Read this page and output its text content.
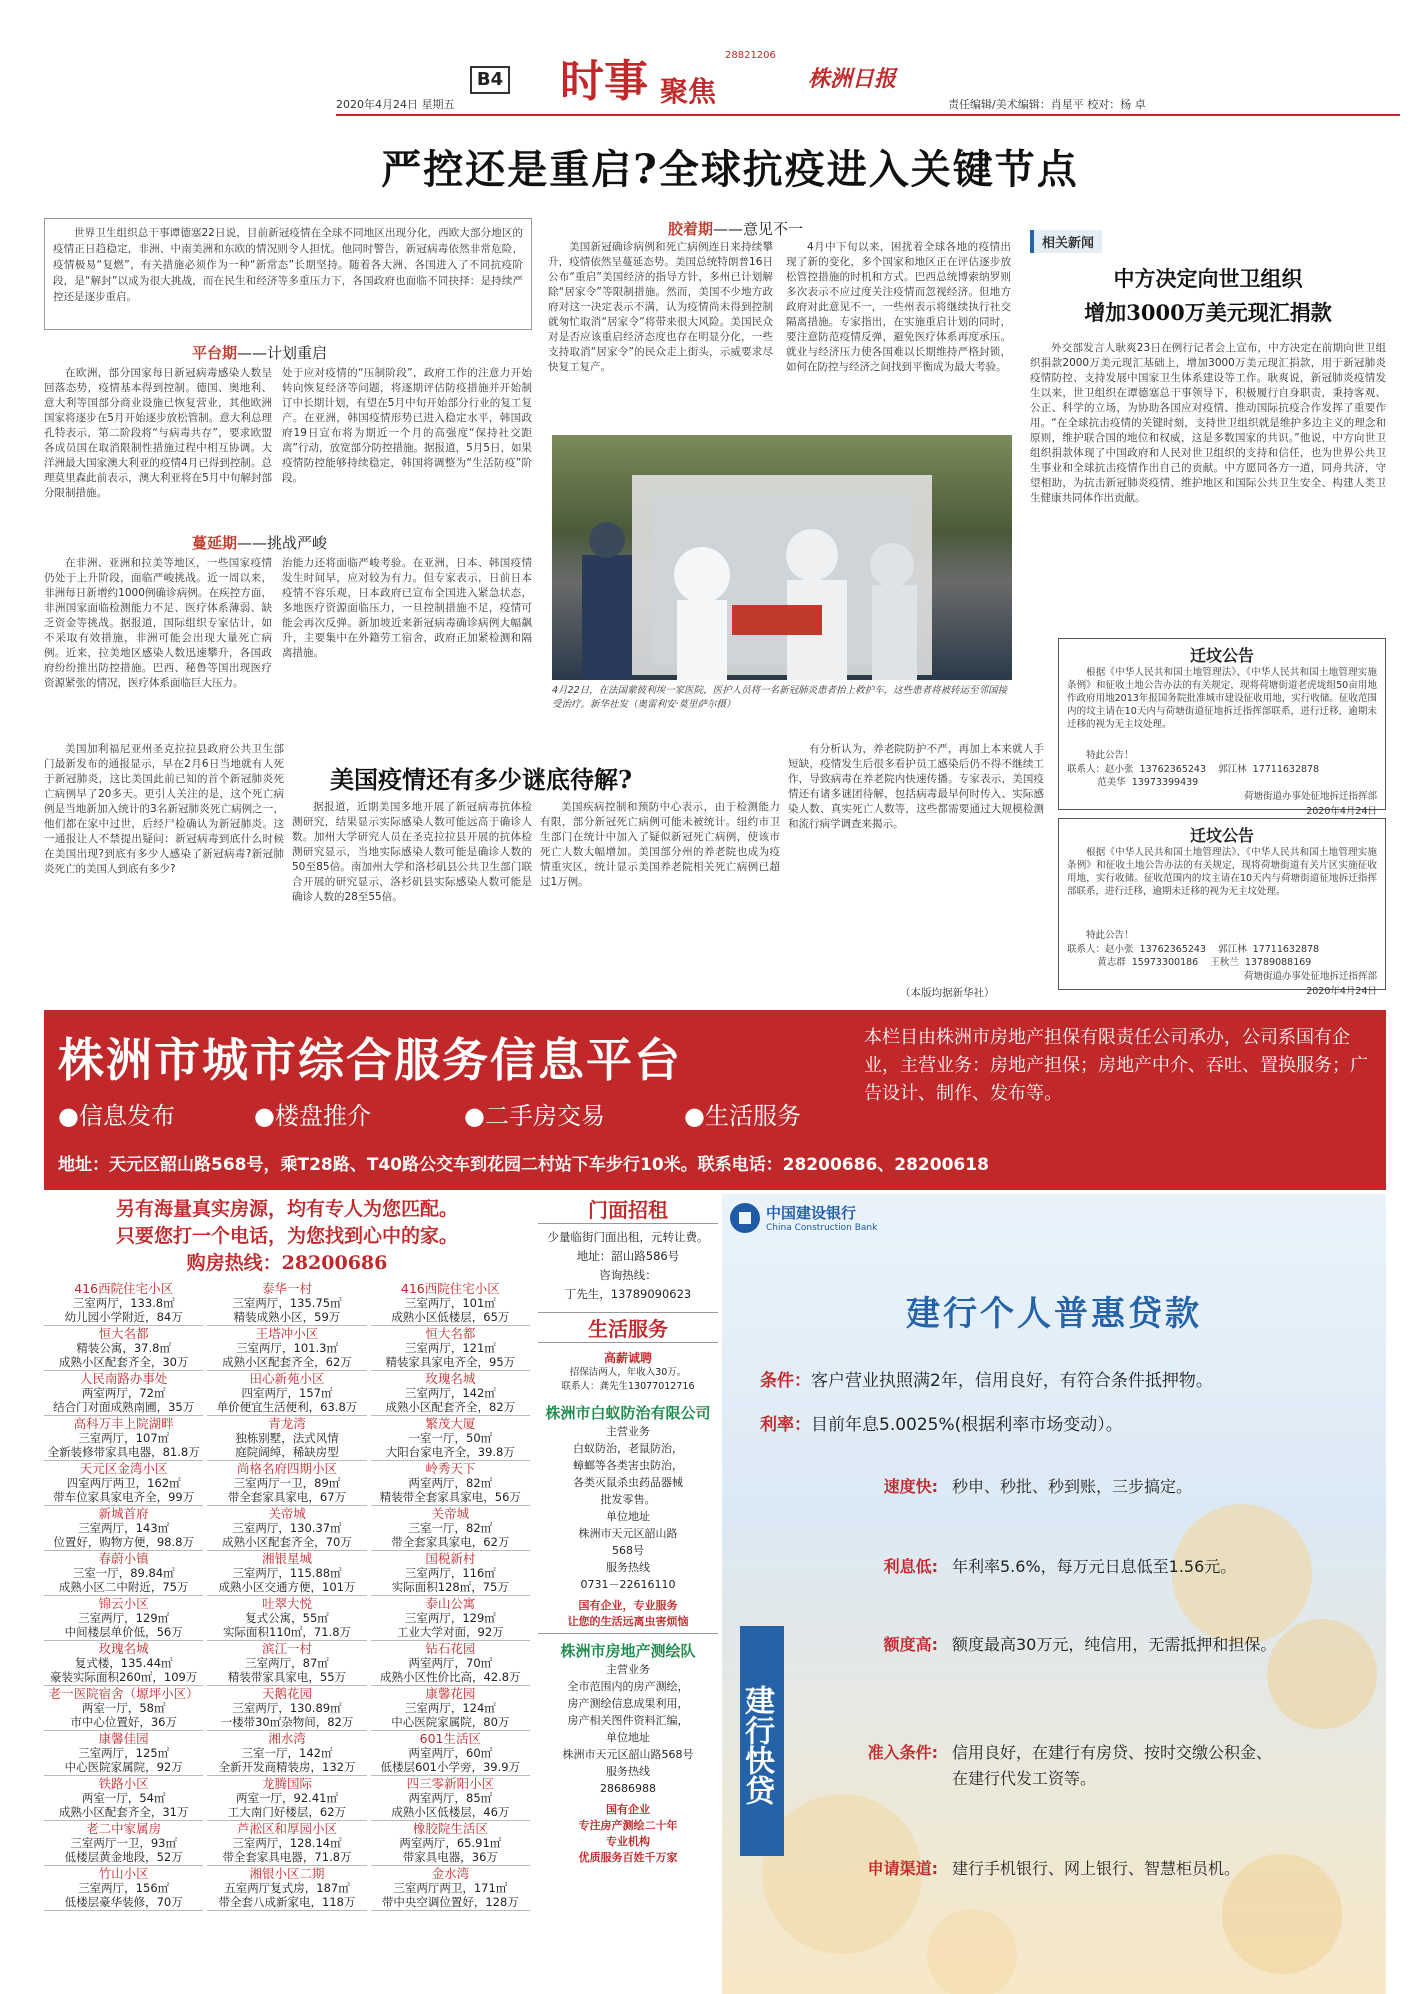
B4 时事 聚焦
28821206
株洲日报
2020年4月24日 星期五	责任编辑/美术编辑：肖星平 校对：杨 卓
严控还是重启?全球抗疫进入关键节点
世界卫生组织总干事谭德塞22日说，目前新冠疫情在全球不同地区出现分化，西欧大部分地区的疫情正日趋稳定，非洲、中南美洲和东欧的情况则令人担忧。他同时警告，新冠病毒依然非常危险，疫情极易“复燃”，有关措施必须作为一种“新常态”长期坚持。随着各大洲、各国进入了不同抗疫阶段，是“解封”以成为很大挑战，而在民生和经济等多重压力下，各国政府也面临不同抉择：是持续严控还是逐步重启。
平台期——计划重启
在欧洲，部分国家每日新冠病毒感染人数呈回落态势，疫情基本得到控制。德国、奥地利、意大利等国部分商业设施已恢复营业，其他欧洲国家将逐步在5月开始逐步放松管制。意大利总理孔特表示，第二阶段将“与病毒共存”，要求欧盟各成员国在取消限制性措施过程中相互协调。大洋洲最大国家澳大利亚的疫情4月已得到控制。总理莫里森此前表示，澳大利亚将在5月中旬解封部分限制措施。
处于应对疫情的“压制阶段”，政府工作的注意力开始转向恢复经济等问题，将逐期评估防疫措施并开始制订中长期计划，有望在5月中旬开始部分行业的复工复产。在亚洲，韩国疫情形势已进入稳定水平，韩国政府19日宣布将为期近一个月的高强度“保持社交距离”行动，放宽部分防控措施。据报道，5月5日，如果疫情防控能够持续稳定，韩国将调整为“生活防疫”阶段。
蔓延期——挑战严峻
在非洲、亚洲和拉美等地区，一些国家疫情仍处于上升阶段，面临严峻挑战。近一周以来，非洲每日新增约1000例确诊病例。在疾控方面，非洲国家面临检测能力不足、医疗体系薄弱、缺乏资金等挑战。据报道，国际组织专家估计，如不采取有效措施，非洲可能会出现大量死亡病例。近来，拉美地区感染人数迅速攀升，各国政府纷纷推出防控措施。巴西、秘鲁等国出现医疗资源紧张的情况，医疗体系面临巨大压力。
治能力还将面临严峻考验。在亚洲，日本、韩国疫情发生时间早，应对较为有力。但专家表示，日前日本疫情不容乐观，日本政府已宣布全国进入紧急状态，多地医疗资源面临压力，一旦控制措施不足，疫情可能会再次反弹。新加坡近来新冠病毒确诊病例大幅飙升，主要集中在外籍劳工宿舍，政府正加紧检测和隔离措施。
胶着期——意见不一
美国新冠确诊病例和死亡病例连日来持续攀升，疫情依然呈蔓延态势。美国总统特朗普16日公布“重启”美国经济的指导方针，多州已计划解除“居家令”等限制措施。然而，美国不少地方政府对这一决定表示不满，认为疫情尚未得到控制就匆忙取消“居家令”将带来很大风险。美国民众对是否应该重启经济态度也存在明显分化，一些支持取消“居家令”的民众走上街头，示威要求尽快复工复产。
4月中下旬以来，困扰着全球各地的疫情出现了新的变化，多个国家和地区正在评估逐步放松管控措施的时机和方式。巴西总统博索纳罗则多次表示不应过度关注疫情而忽视经济。但地方政府对此意见不一，一些州表示将继续执行社交隔离措施。专家指出，在实施重启计划的同时，要注意防范疫情反弹，避免医疗体系再度承压。就业与经济压力使各国难以长期维持严格封锁，如何在防控与经济之间找到平衡成为最大考验。
4月22日，在法国蒙彼利埃一家医院，医护人员将一名新冠肺炎患者抬上救护车，这些患者将被转运至邻国接受治疗。新华社发（奥雷利安·莫里萨尔摄）
相关新闻
中方决定向世卫组织
增加3000万美元现汇捐款
外交部发言人耿爽23日在例行记者会上宣布，中方决定在前期向世卫组织捐款2000万美元现汇基础上，增加3000万美元现汇捐款，用于新冠肺炎疫情防控、支持发展中国家卫生体系建设等工作。耿爽说，新冠肺炎疫情发生以来，世卫组织在谭德塞总干事领导下，积极履行自身职责，秉持客观、公正、科学的立场，为协助各国应对疫情、推动国际抗疫合作发挥了重要作用。“在全球抗击疫情的关键时刻，支持世卫组织就是维护多边主义的理念和原则，维护联合国的地位和权威，这是多数国家的共识。”他说，中方向世卫组织捐款体现了中国政府和人民对世卫组织的支持和信任，也为世界公共卫生事业和全球抗击疫情作出自己的贡献。中方愿同各方一道，同舟共济，守望相助，为抗击新冠肺炎疫情、维护地区和国际公共卫生安全、构建人类卫生健康共同体作出贡献。
迁坟公告
根据《中华人民共和国土地管理法》、《中华人民共和国土地管理实施条例》和征收土地公告办法的有关规定，现将荷塘街道老虎垅组50亩用地作政府用地2013年报国务院批准城市建设征收用地，实行收储。征收范围内的坟主请在10天内与荷塘街道征地拆迁指挥部联系，进行迁移，逾期未迁移的视为无主坟处理。
特此公告！
联系人：赵小张  13762365243    郭江林  17711632878
范美华  13973399439
荷塘街道办事处征地拆迁指挥部
2020年4月24日
迁坟公告
根据《中华人民共和国土地管理法》、《中华人民共和国土地管理实施条例》和征收土地公告办法的有关规定，现将荷塘街道有关片区实施征收用地，实行收储。征收范围内的坟主请在10天内与荷塘街道征地拆迁指挥部联系，进行迁移，逾期未迁移的视为无主坟处理。
特此公告！
联系人：赵小张  13762365243    郭江林  17711632878
黄志群  15973300186    王秋兰  13789088169
荷塘街道办事处征地拆迁指挥部
2020年4月24日
美国疫情还有多少谜底待解?
美国加利福尼亚州圣克拉拉县政府公共卫生部门最新发布的通报显示，早在2月6日当地就有人死于新冠肺炎，这比美国此前已知的首个新冠肺炎死亡病例早了20多天。更引人关注的是，这个死亡病例是当地新加入统计的3名新冠肺炎死亡病例之一，他们都在家中过世，后经尸检确认为新冠肺炎。这一通报让人不禁提出疑问：新冠病毒到底什么时候在美国出现?到底有多少人感染了新冠病毒?新冠肺炎死亡的美国人到底有多少?
据报道，近期美国多地开展了新冠病毒抗体检测研究，结果显示实际感染人数可能远高于确诊人数。加州大学研究人员在圣克拉拉县开展的抗体检测研究显示，当地实际感染人数可能是确诊人数的50至85倍。南加州大学和洛杉矶县公共卫生部门联合开展的研究显示，洛杉矶县实际感染人数可能是确诊人数的28至55倍。
美国疾病控制和预防中心表示，由于检测能力有限，部分新冠死亡病例可能未被统计。纽约市卫生部门在统计中加入了疑似新冠死亡病例，使该市死亡人数大幅增加。美国部分州的养老院也成为疫情重灾区，统计显示美国养老院相关死亡病例已超过1万例。
有分析认为，养老院防护不严，再加上本来就人手短缺，疫情发生后很多看护员工感染后仍不得不继续工作，导致病毒在养老院内快速传播。专家表示，美国疫情还有诸多谜团待解，包括病毒最早何时传入、实际感染人数、真实死亡人数等，这些都需要通过大规模检测和流行病学调查来揭示。
（本版均据新华社）
株洲市城市综合服务信息平台
●信息发布	●楼盘推介	●二手房交易	●生活服务
本栏目由株洲市房地产担保有限责任公司承办，公司系国有企业，主营业务：房地产担保；房地产中介、吞吐、置换服务；广告设计、制作、发布等。
地址：天元区韶山路568号，乘T28路、T40路公交车到花园二村站下车步行10米。联系电话：28200686、28200618
另有海量真实房源，均有专人为您匹配。
只要您打一个电话，为您找到心中的家。
购房热线：28200686
416西院住宅小区
三室两厅，133.8㎡
幼儿园小学附近，84万
泰华一村
三室两厅，135.75㎡
精装成熟小区，59万
416西院住宅小区
三室两厅，101㎡
成熟小区低楼层，65万
恒大名都
精装公寓，37.8㎡
成熟小区配套齐全，30万
王塔冲小区
三室两厅，101.3㎡
成熟小区配套齐全，62万
恒大名都
三室两厅，121㎡
精装家具家电齐全，95万
人民南路办事处
两室两厅，72㎡
结合门对面成熟南圃，35万
田心新苑小区
四室两厅，157㎡
单价便宜生活便利，63.8万
玫瑰名城
三室两厅，142㎡
成熟小区配套齐全，82万
高科万丰上院湖畔
三室两厅，107㎡
全新装修带家具电器，81.8万
青龙湾
独栋别墅，法式风情
庭院阔绰，稀缺房型
繁茂大厦
一室一厅，50㎡
大阳台家电齐全，39.8万
天元区金湾小区
四室两厅两卫，162㎡
带车位家具家电齐全，99万
尚格名府四期小区
三室两厅一卫，89㎡
带全套家具家电，67万
岭秀天下
两室两厅，82㎡
精装带全套家具家电，56万
新城首府
三室两厅，143㎡
位置好，购物方便，98.8万
关帝城
三室两厅，130.37㎡
成熟小区配套齐全，70万
关帝城
三室一厅，82㎡
带全套家具家电，62万
春蔚小镇
三室一厅，89.84㎡
成熟小区二中附近，75万
湘银星城
三室两厅，115.88㎡
成熟小区交通方便，101万
国税新村
三室两厅，116㎡
实际面积128㎡，75万
锦云小区
三室两厅，129㎡
中间楼层单价低，56万
吐翠大悦
复式公寓，55㎡
实际面积110㎡，71.8万
泰山公寓
三室两厅，129㎡
工业大学对面，92万
玫瑰名城
复式楼，135.44㎡
豪装实际面积260㎡，109万
滨江一村
三室两厅，87㎡
精装带家具家电，55万
钻石花园
两室两厅，70㎡
成熟小区性价比高，42.8万
老一医院宿舍（塬坪小区）
两室一厅，58㎡
市中心位置好，36万
天鹅花园
三室两厅，130.89㎡
一楼带30㎡杂物间，82万
康馨花园
三室两厅，124㎡
中心医院家属院，80万
康馨佳园
三室两厅，125㎡
中心医院家属院，92万
湘水湾
三室一厅，142㎡
全新开发商精装房，132万
601生活区
两室两厅，60㎡
低楼层601小学旁，39.9万
铁路小区
两室一厅，54㎡
成熟小区配套齐全，31万
龙腾国际
两室一厅，92.41㎡
工大南门好楼层，62万
四三零新阳小区
两室两厅，85㎡
成熟小区低楼层，46万
老二中家属房
三室两厅一卫，93㎡
低楼层黄金地段，52万
芦淞区和厚园小区
三室两厅，128.14㎡
带全套家具电器，71.8万
橡胶院生活区
两室两厅，65.91㎡
带家具电器，36万
竹山小区
三室两厅，156㎡
低楼层豪华装修，70万
湘银小区二期
五室两厅复式房，187㎡
带全套八成新家电，118万
金水湾
三室两厅两卫，171㎡
带中央空调位置好，128万
门面招租
少量临街门面出租，元转让费。
地址：韶山路586号
咨询热线：
丁先生，13789090623
生活服务
高薪诚聘
招保洁两人，年收入30万。
联系人：龚先生13077012716
株洲市白蚁防治有限公司
主营业务
白蚁防治，老鼠防治，
蟑螂等各类害虫防治，
各类灭鼠杀虫药品器械
批发零售。
单位地址
株洲市天元区韶山路
568号
服务热线
0731－22616110
国有企业，专业服务
让您的生活远离虫害烦恼
株洲市房地产测绘队
主营业务
全市范围内的房产测绘，
房产测绘信息成果利用，
房产相关图件资料汇编，
单位地址
株洲市天元区韶山路568号
服务热线
28686988
国有企业
专注房产测绘二十年
专业机构
优质服务百姓千万家
中国建设银行
China Construction Bank
建行个人普惠贷款
条件：客户营业执照满2年，信用良好，有符合条件抵押物。
利率：目前年息5.0025%(根据利率市场变动）。
建行快贷
速度快: 秒申、秒批、秒到账，三步搞定。
利息低: 年利率5.6%，每万元日息低至1.56元。
额度高: 额度最高30万元，纯信用，无需抵押和担保。
准入条件: 信用良好，在建行有房贷、按时交缴公积金、在建行代发工资等。
申请渠道: 建行手机银行、网上银行、智慧柜员机。
